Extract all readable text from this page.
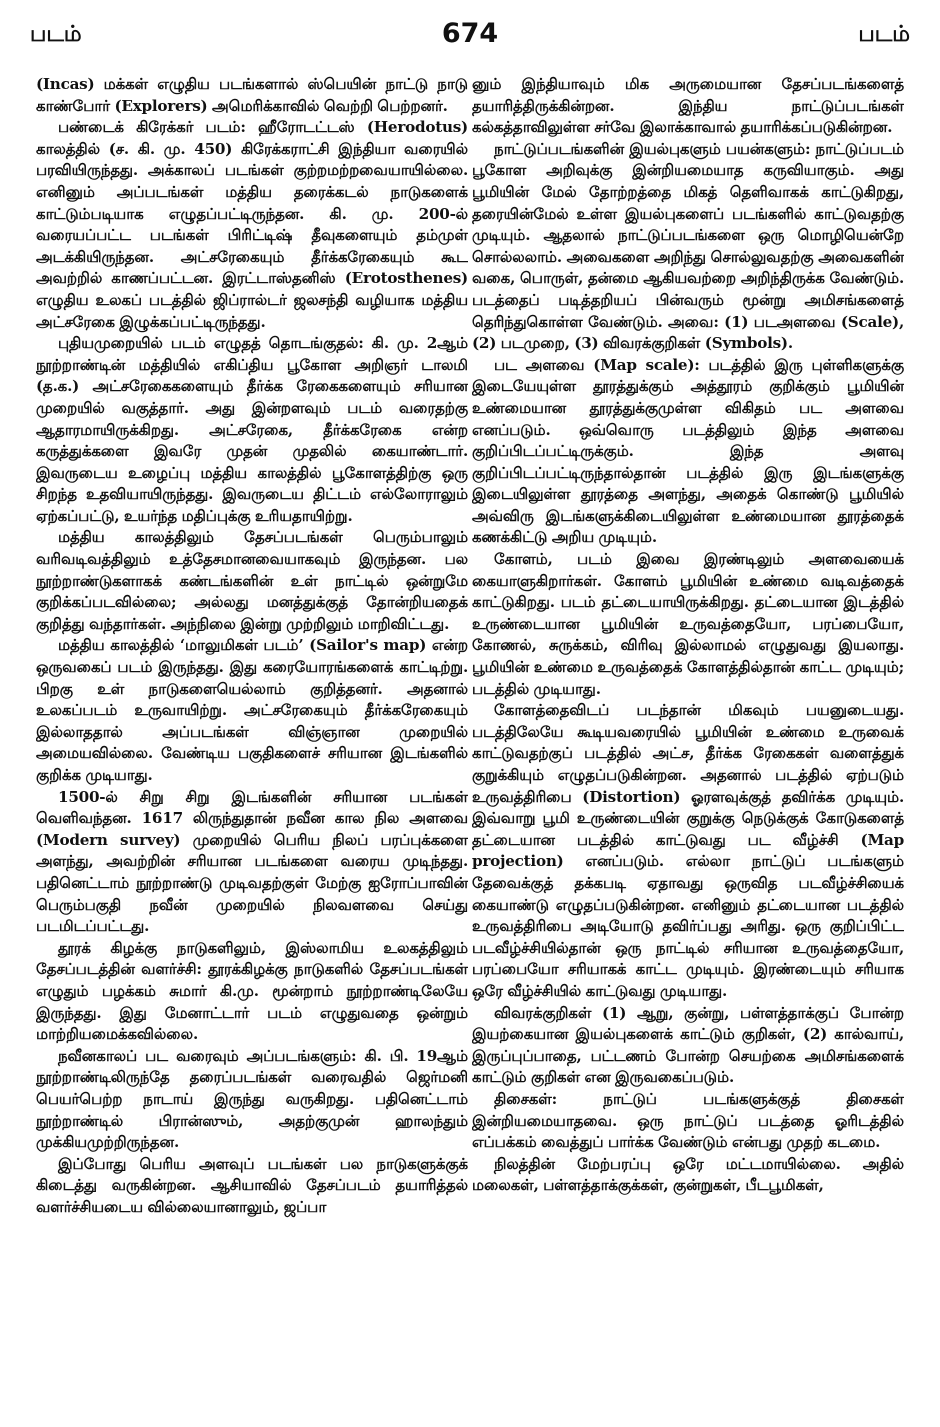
படம்	674	படம்

(Incas) மக்கள் எழுதிய படங்களால் ஸ்பெயின் நாட்டு நாடு காண்போர் (Explorers) அமெரிக்காவில் வெற்றி பெற்றனர்.

பண்டைக் கிரேக்கர் படம்: ஹீரோடட்டஸ் (Herodotus) காலத்தில் (ச. கி. மு. 450) கிரேக்கராட்சி இந்தியா வரையில் பரவியிருந்தது. அக்காலப் படங்கள் குற்றமற்றவையாயில்லை. எனினும் அப்படங்கள் மத்திய தரைக்கடல் நாடுகளைக் காட்டும்படியாக எழுதப்பட்டிருந்தன. கி. மு. 200-ல் வரையப்பட்ட படங்கள் பிரிட்டிஷ் தீவுகளையும் தம்முள் அடக்கியிருந்தன. அட்சரேகையும் தீர்க்கரேகையும் கூட அவற்றில் காணப்பட்டன. இரட்டாஸ்தனிஸ் (Erotosthenes) எழுதிய உலகப் படத்தில் ஜிப்ரால்டர் ஜலசந்தி வழியாக மத்திய அட்சரேகை இழுக்கப்பட்டிருந்தது.

புதியமுறையில் படம் எழுதத் தொடங்குதல்: கி. மு. 2ஆம் நூற்றாண்டின் மத்தியில் எகிப்திய பூகோள அறிஞர் டாலமி (த.க.) அட்சரேகைகளையும் தீர்க்க ரேகைகளையும் சரியான முறையில் வகுத்தார். அது இன்றளவும் படம் வரைதற்கு ஆதாரமாயிருக்கிறது. அட்சரேகை, தீர்க்கரேகை என்ற கருத்துக்களை இவரே முதன் முதலில் கையாண்டார். இவருடைய உழைப்பு மத்திய காலத்தில் பூகோளத்திற்கு ஒரு சிறந்த உதவியாயிருந்தது. இவருடைய திட்டம் எல்லோராலும் ஏற்கப்பட்டு, உயர்ந்த மதிப்புக்கு உரியதாயிற்று.

மத்திய காலத்திலும் தேசப்படங்கள் பெரும்பாலும் வரிவடிவத்திலும் உத்தேசமானவையாகவும் இருந்தன. பல நூற்றாண்டுகளாகக் கண்டங்களின் உள் நாட்டில் ஒன்றுமே குறிக்கப்படவில்லை; அல்லது மனத்துக்குத் தோன்றியதைக் குறித்து வந்தார்கள். அந்நிலை இன்று முற்றிலும் மாறிவிட்டது.

மத்திய காலத்தில் ‘மாலுமிகள் படம்’ (Sailor's map) என்ற ஒருவகைப் படம் இருந்தது. இது கரையோரங்களைக் காட்டிற்று. பிறகு உள் நாடுகளையெல்லாம் குறித்தனர். அதனால் உலகப்படம் உருவாயிற்று. அட்சரேகையும் தீர்க்கரேகையும் இல்லாததால் அப்படங்கள் விஞ்ஞான முறையில் அமையவில்லை. வேண்டிய பகுதிகளைச் சரியான இடங்களில் குறிக்க முடியாது.

1500-ல் சிறு சிறு இடங்களின் சரியான படங்கள் வெளிவந்தன. 1617 லிருந்துதான் நவீன கால நில அளவை (Modern survey) முறையில் பெரிய நிலப் பரப்புக்களை அளந்து, அவற்றின் சரியான படங்களை வரைய முடிந்தது. பதினெட்டாம் நூற்றாண்டு முடிவதற்குள் மேற்கு ஐரோப்பாவின் பெரும்பகுதி நவீன் முறையில் நிலவளவை செய்து படமிடப்பட்டது.

தூரக் கிழக்கு நாடுகளிலும், இஸ்லாமிய உலகத்திலும் தேசப்படத்தின் வளர்ச்சி: தூரக்கிழக்கு நாடுகளில் தேசப்படங்கள் எழுதும் பழக்கம் சுமார் கி.மு. மூன்றாம் நூற்றாண்டிலேயே இருந்தது. இது மேனாட்டார் படம் எழுதுவதை ஒன்றும் மாற்றியமைக்கவில்லை.

நவீனகாலப் பட வரைவும் அப்படங்களும்: கி. பி. 19ஆம் நூற்றாண்டிலிருந்தே தரைப்படங்கள் வரைவதில் ஜெர்மனி பெயர்பெற்ற நாடாய் இருந்து வருகிறது. பதினெட்டாம் நூற்றாண்டில் பிரான்ஸும், அதற்குமுன் ஹாலந்தும் முக்கியமுற்றிருந்தன.

இப்போது பெரிய அளவுப் படங்கள் பல நாடுகளுக்குக் கிடைத்து வருகின்றன. ஆசியாவில் தேசப்படம் தயாரித்தல் வளர்ச்சியடைய வில்லையானாலும், ஜப்பா

னும் இந்தியாவும் மிக அருமையான தேசப்படங்களைத் தயாரித்திருக்கின்றன. இந்திய நாட்டுப்படங்கள் கல்கத்தாவிலுள்ள சர்வே இலாக்காவால் தயாரிக்கப்படுகின்றன.

நாட்டுப்படங்களின் இயல்புகளும் பயன்களும்: நாட்டுப்படம் பூகோள அறிவுக்கு இன்றியமையாத கருவியாகும். அது பூமியின் மேல் தோற்றத்தை மிகத் தெளிவாகக் காட்டுகிறது, தரையின்மேல் உள்ள இயல்புகளைப் படங்களில் காட்டுவதற்கு முடியும். ஆதலால் நாட்டுப்படங்களை ஒரு மொழியென்றே சொல்லலாம். அவைகளை அறிந்து சொல்லுவதற்கு அவைகளின் வகை, பொருள், தன்மை ஆகியவற்றை அறிந்திருக்க வேண்டும். படத்தைப் படித்தறியப் பின்வரும் மூன்று அமிசங்களைத் தெரிந்துகொள்ள வேண்டும். அவை: (1) படஅளவை (Scale), (2) படமுறை, (3) விவரக்குறிகள் (Symbols).

பட அளவை (Map scale): படத்தில் இரு புள்ளிகளுக்கு இடையேயுள்ள தூரத்துக்கும் அத்தூரம் குறிக்கும் பூமியின் உண்மையான தூரத்துக்குமுள்ள விகிதம் பட அளவை எனப்படும். ஒவ்வொரு படத்திலும் இந்த அளவை குறிப்பிடப்பட்டிருக்கும். இந்த அளவு குறிப்பிடப்பட்டிருந்தால்தான் படத்தில் இரு இடங்களுக்கு இடையிலுள்ள தூரத்தை அளந்து, அதைக் கொண்டு பூமியில் அவ்விரு இடங்களுக்கிடையிலுள்ள உண்மையான தூரத்தைக் கணக்கிட்டு அறிய முடியும்.

கோளம், படம் இவை இரண்டிலும் அளவையைக் கையாளுகிறார்கள். கோளம் பூமியின் உண்மை வடிவத்தைக் காட்டுகிறது. படம் தட்டையாயிருக்கிறது. தட்டையான இடத்தில் உருண்டையான பூமியின் உருவத்தையோ, பரப்பையோ, கோணல், சுருக்கம், விரிவு இல்லாமல் எழுதுவது இயலாது. பூமியின் உண்மை உருவத்தைக் கோளத்தில்தான் காட்ட முடியும்; படத்தில் முடியாது.

கோளத்தைவிடப் படந்தான் மிகவும் பயனுடையது. படத்திலேயே கூடியவரையில் பூமியின் உண்மை உருவைக் காட்டுவதற்குப் படத்தில் அட்ச, தீர்க்க ரேகைகள் வளைத்துக் குறுக்கியும் எழுதப்படுகின்றன. அதனால் படத்தில் ஏற்படும் உருவத்திரிபை (Distortion) ஓரளவுக்குத் தவிர்க்க முடியும். இவ்வாறு பூமி உருண்டையின் குறுக்கு நெடுக்குக் கோடுகளைத் தட்டையான படத்தில் காட்டுவது பட வீழ்ச்சி (Map projection) எனப்படும். எல்லா நாட்டுப் படங்களும் தேவைக்குத் தக்கபடி ஏதாவது ஒருவித படவீழ்ச்சியைக் கையாண்டு எழுதப்படுகின்றன. எனினும் தட்டையான படத்தில் உருவத்திரிபை அடியோடு தவிர்ப்பது அரிது. ஒரு குறிப்பிட்ட படவீழ்ச்சியில்தான் ஒரு நாட்டில் சரியான உருவத்தையோ, பரப்பையோ சரியாகக் காட்ட முடியும். இரண்டையும் சரியாக ஒரே வீழ்ச்சியில் காட்டுவது முடியாது.

விவரக்குறிகள் (1) ஆறு, குன்று, பள்ளத்தாக்குப் போன்ற இயற்கையான இயல்புகளைக் காட்டும் குறிகள், (2) கால்வாய், இருப்புப்பாதை, பட்டணம் போன்ற செயற்கை அமிசங்களைக் காட்டும் குறிகள் என இருவகைப்படும்.

திசைகள்: நாட்டுப் படங்களுக்குத் திசைகள் இன்றியமையாதவை. ஒரு நாட்டுப் படத்தை ஓரிடத்தில் எப்பக்கம் வைத்துப் பார்க்க வேண்டும் என்பது முதற் கடமை.

நிலத்தின் மேற்பரப்பு ஒரே மட்டமாயில்லை. அதில் மலைகள், பள்ளத்தாக்குக்கள், குன்றுகள், பீடபூமிகள்,
